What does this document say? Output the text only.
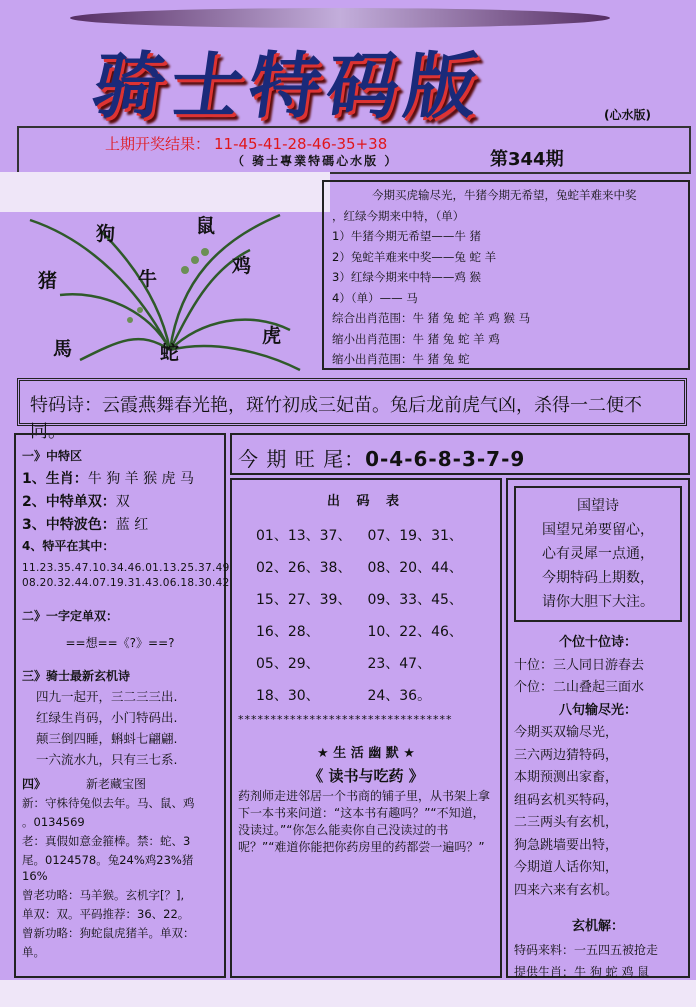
骑士特码版	(心水版)
上期开奖结果： 11-45-41-28-46-35+38
（ 骑士專業特碼心水版 ）	第344期
狗	鼠
猪	牛
鸡
馬	蛇
虎
今期买虎输尽光，牛猪今期无希望，兔蛇羊难来中奖
，红绿今期来中特，（单）
1）牛猪今期无希望——牛 猪
2）兔蛇羊难来中奖——兔 蛇 羊
3）红绿今期来中特——鸡 猴
4）（单）—— 马
综合出肖范围：牛 猪 兔 蛇 羊 鸡 猴 马
缩小出肖范围：牛 猪 兔 蛇 羊 鸡
缩小出肖范围：牛 猪 兔 蛇
特码诗：云霞燕舞春光艳，斑竹初成三妃苗。兔后龙前虎气凶，杀得一二便不同。
一》中特区
1、生肖：牛 狗 羊 猴 虎 马
2、中特单双：双
3、中特波色：蓝 红
4、特平在其中：
11.23.35.47.10.34.46.01.13.25.37.49
08.20.32.44.07.19.31.43.06.18.30.42
二》一字定单双：
==想==《?》==?
三》骑士最新玄机诗
四九一起开，三二三三出.
红绿生肖码，小门特码出.
颠三倒四睡，蝌蚪七翩翩.
一六流水九，只有三七系.
四》	新老藏宝图
新：守株待兔似去年。马、鼠、鸡
。0134569
老：真假如意金箍棒。禁：蛇、3
尾。0124578。兔24%鸡23%猪16%
曾老功略：马羊猴。玄机字[？],
单双：双。平码推荐：36、22。
曾新功略：狗蛇鼠虎猪羊。单双：
单。
今 期 旺 尾：0-4-6-8-3-7-9
出 码 表
01、13、37、	07、19、31、
02、26、38、	08、20、44、
15、27、39、	09、33、45、
16、28、	10、22、46、
05、29、	23、47、
18、30、	24、36。
*********************************
★ 生 活 幽 默 ★
《 读书与吃药 》
药剂师走进邻居一个书商的铺子里，从书架上拿下一本书来问道：“这本书有趣吗？”“不知道，没读过。”“你怎么能卖你自己没读过的书呢？”“难道你能把你药房里的药都尝一遍吗？”
国望诗
国望兄弟要留心，
心有灵犀一点通，
今期特码上期数，
请你大胆下大注。
个位十位诗：
十位：三人同日游春去
个位：二山叠起三面水
八句输尽光：
今期买双输尽光，
三六两边猜特码，
本期预测出家畜，
组码玄机买特码，
二三两头有玄机，
狗急跳墙要出特，
今期道人话你知，
四来六来有玄机。
玄机解：
特码来料：一五四五被抢走
提供生肖：牛 狗 蛇 鸡 鼠
